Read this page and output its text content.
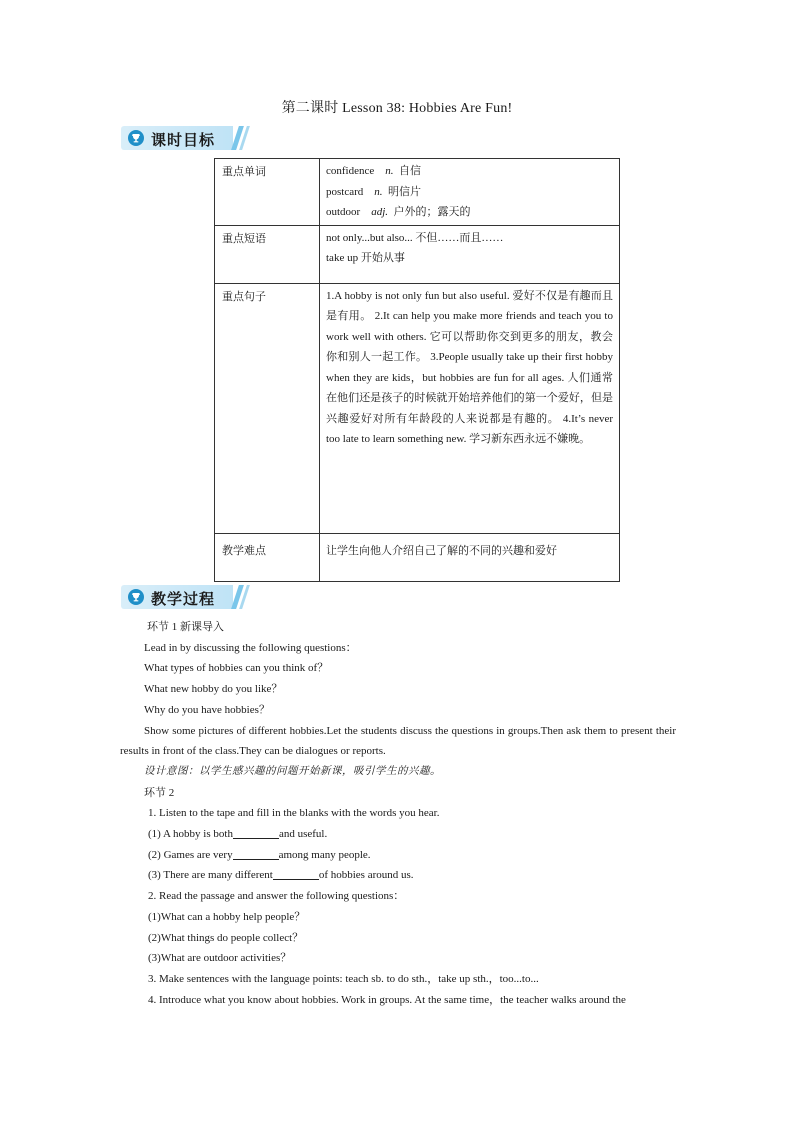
第二课时 Lesson 38: Hobbies Are Fun!
课时目标
重点单词	confidence n. 自信
postcard n. 明信片
outdoor adj. 户外的；露天的

重点短语	not only...but also... 不但……而且……
take up 开始从事

重点句子	1.A hobby is not only fun but also useful. 爱好不仅是有趣而且是有用。 2.It can help you make more friends and teach you to work well with others. 它可以帮助你交到更多的朋友，教会你和别人一起工作。 3.People usually take up their first hobby when they are kids，but hobbies are fun for all ages. 人们通常在他们还是孩子的时候就开始培养他们的第一个爱好，但是兴趣爱好对所有年龄段的人来说都是有趣的。 4.It’s never too late to learn something new. 学习新东西永远不嫌晚。
教学难点	让学生向他人介绍自己了解的不同的兴趣和爱好
教学过程

环节 1 新课导入

Lead in by discussing the following questions：

What types of hobbies can you think of？

What new hobby do you like？

Why do you have hobbies？

Show some pictures of different hobbies.Let the students discuss the questions in groups.Then ask them to present their results in front of the class.They can be dialogues or reports.

设计意图：以学生感兴趣的问题开始新课，吸引学生的兴趣。

环节 2

1. Listen to the tape and fill in the blanks with the words you hear.

(1) A hobby is both	and useful.

(2) Games are very	among many people.

(3) There are many different	of hobbies around us.

2. Read the passage and answer the following questions：

(1)What can a hobby help people？

(2)What things do people collect？

(3)What are outdoor activities？

3. Make sentences with the language points: teach sb. to do sth.，take up sth.，too...to...

4. Introduce what you know about hobbies. Work in groups. At the same time，the teacher walks around the
